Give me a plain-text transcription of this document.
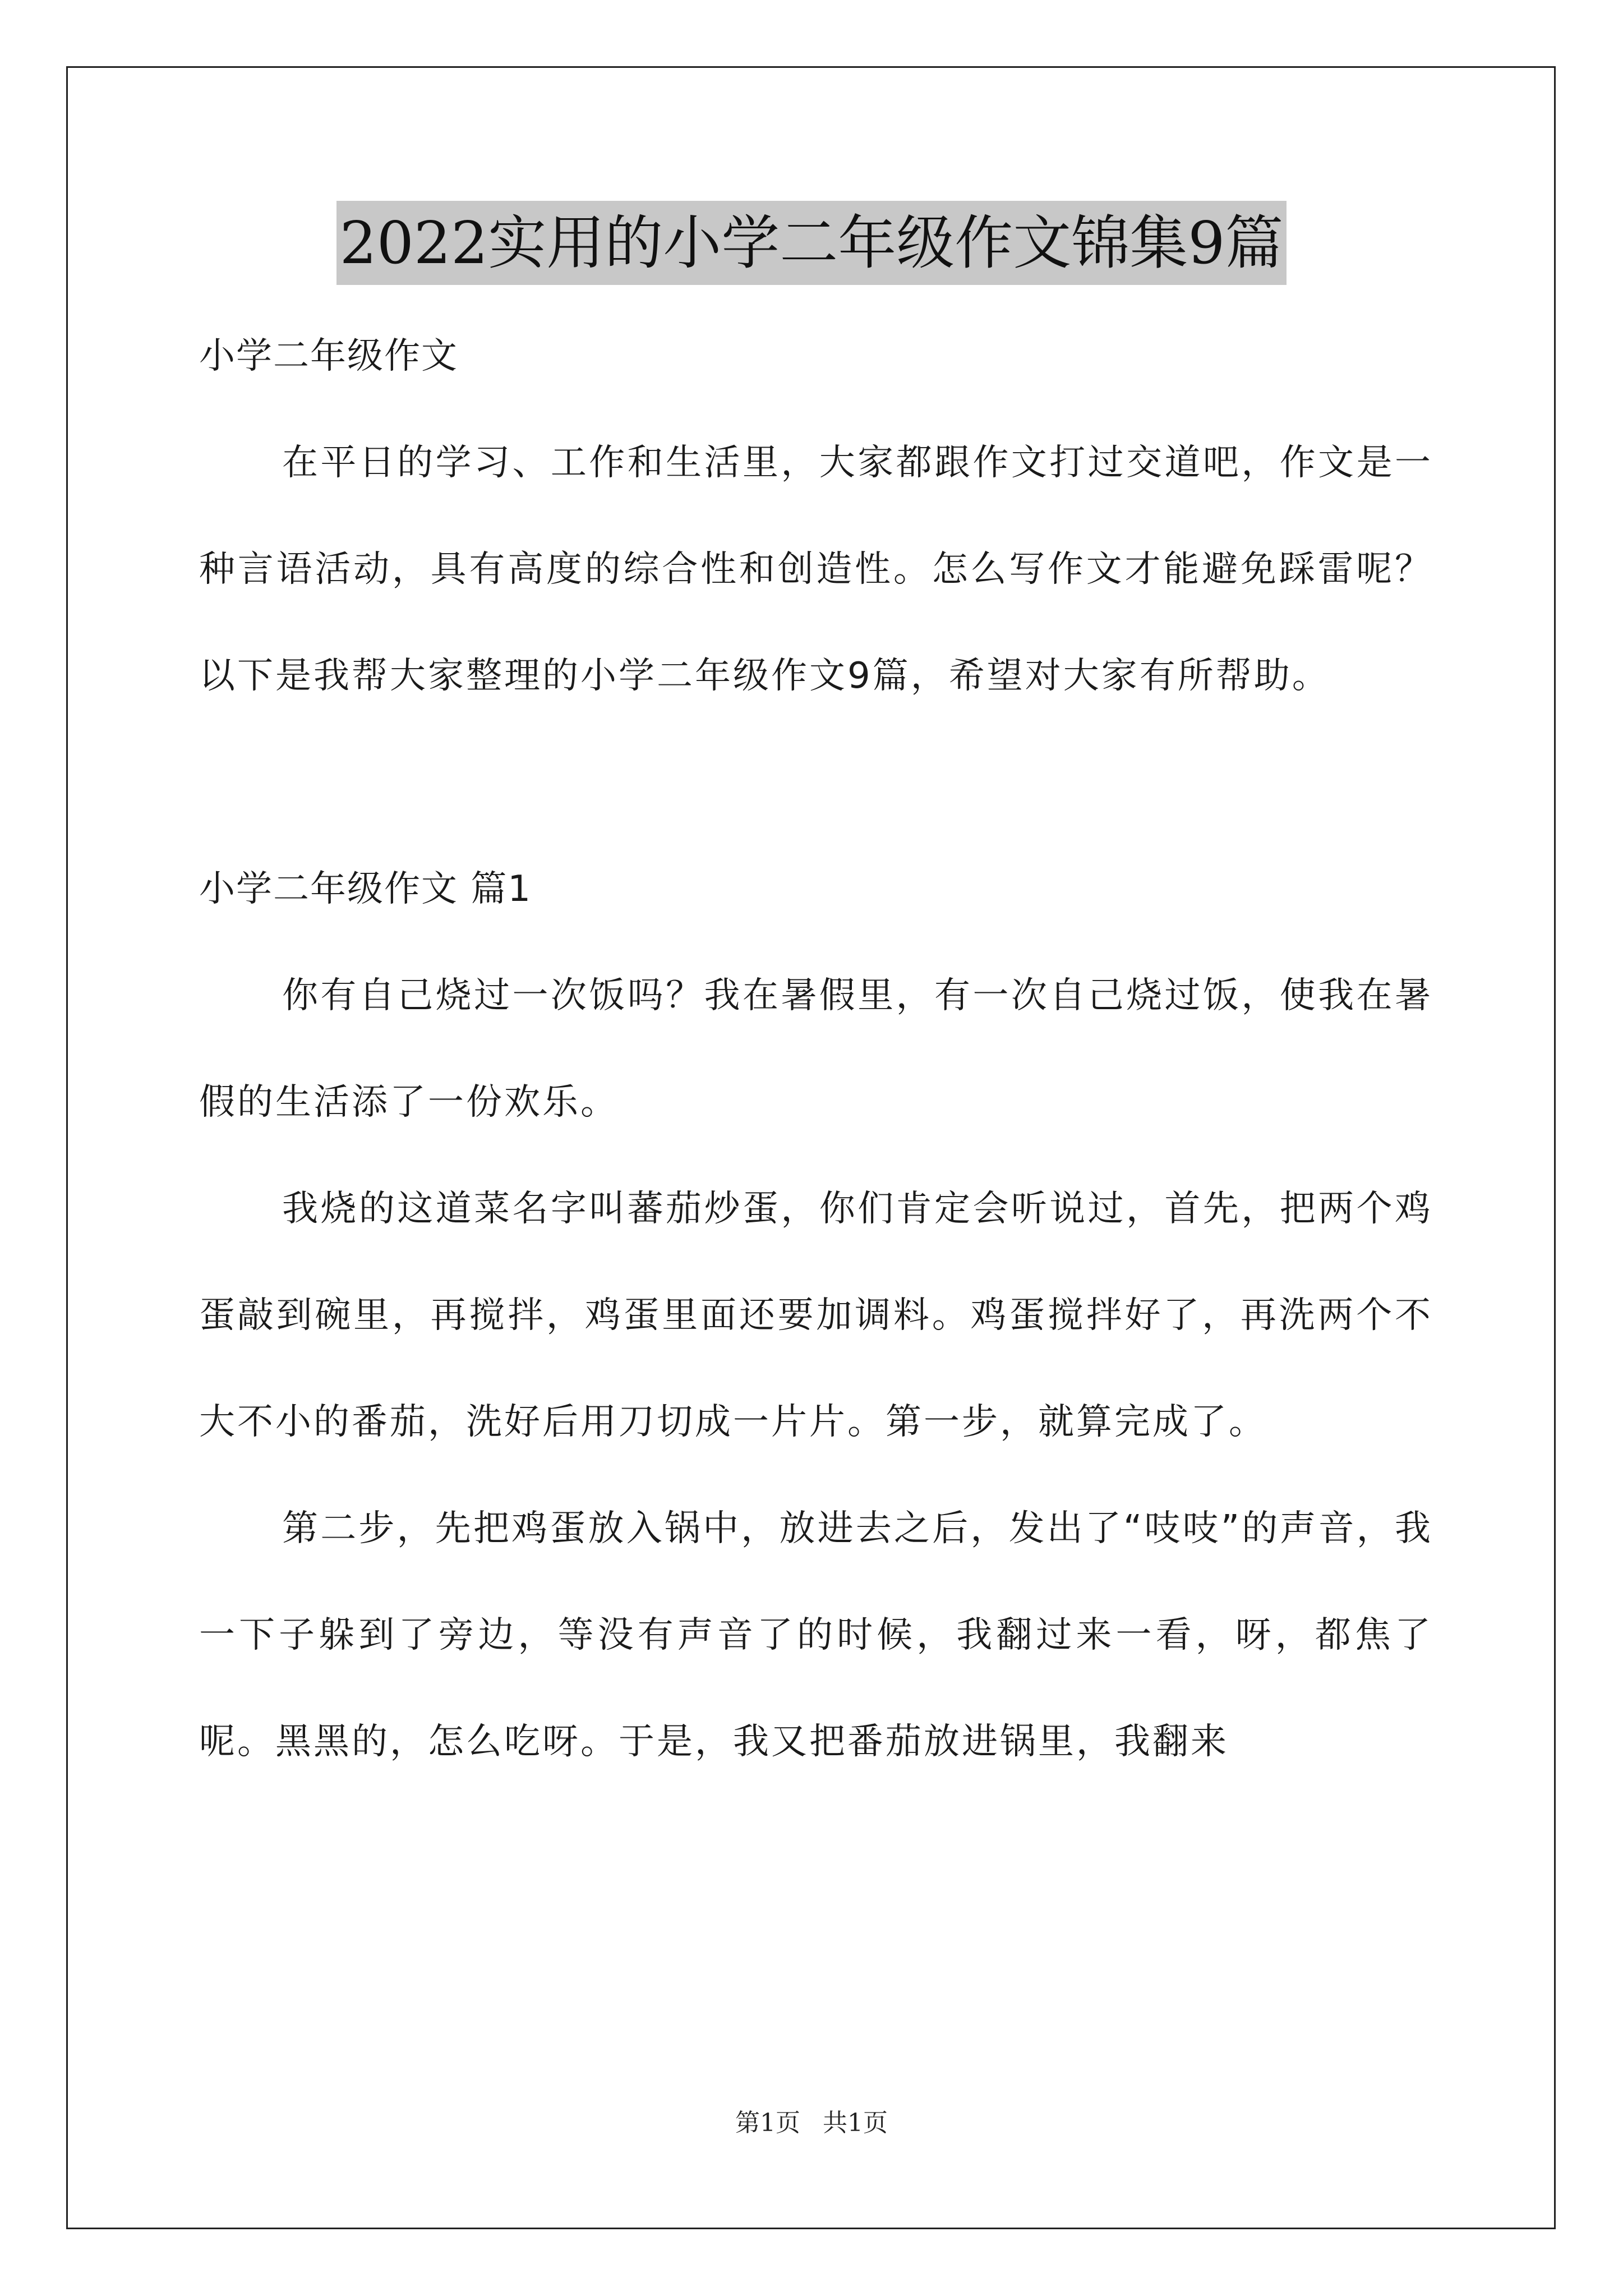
2022实用的小学二年级作文锦集9篇

小学二年级作文

在平日的学习、工作和生活里，大家都跟作文打过交道吧，作文是一种言语活动，具有高度的综合性和创造性。怎么写作文才能避免踩雷呢？以下是我帮大家整理的小学二年级作文9篇，希望对大家有所帮助。

小学二年级作文 篇1

你有自己烧过一次饭吗？我在暑假里，有一次自己烧过饭，使我在暑假的生活添了一份欢乐。

我烧的这道菜名字叫蕃茄炒蛋，你们肯定会听说过，首先，把两个鸡蛋敲到碗里，再搅拌，鸡蛋里面还要加调料。鸡蛋搅拌好了，再洗两个不大不小的番茄，洗好后用刀切成一片片。第一步，就算完成了。

第二步，先把鸡蛋放入锅中，放进去之后，发出了“吱吱”的声音，我一下子躲到了旁边，等没有声音了的时候，我翻过来一看，呀，都焦了呢。黑黑的，怎么吃呀。于是，我又把番茄放进锅里，我翻来

第1页 共1页
